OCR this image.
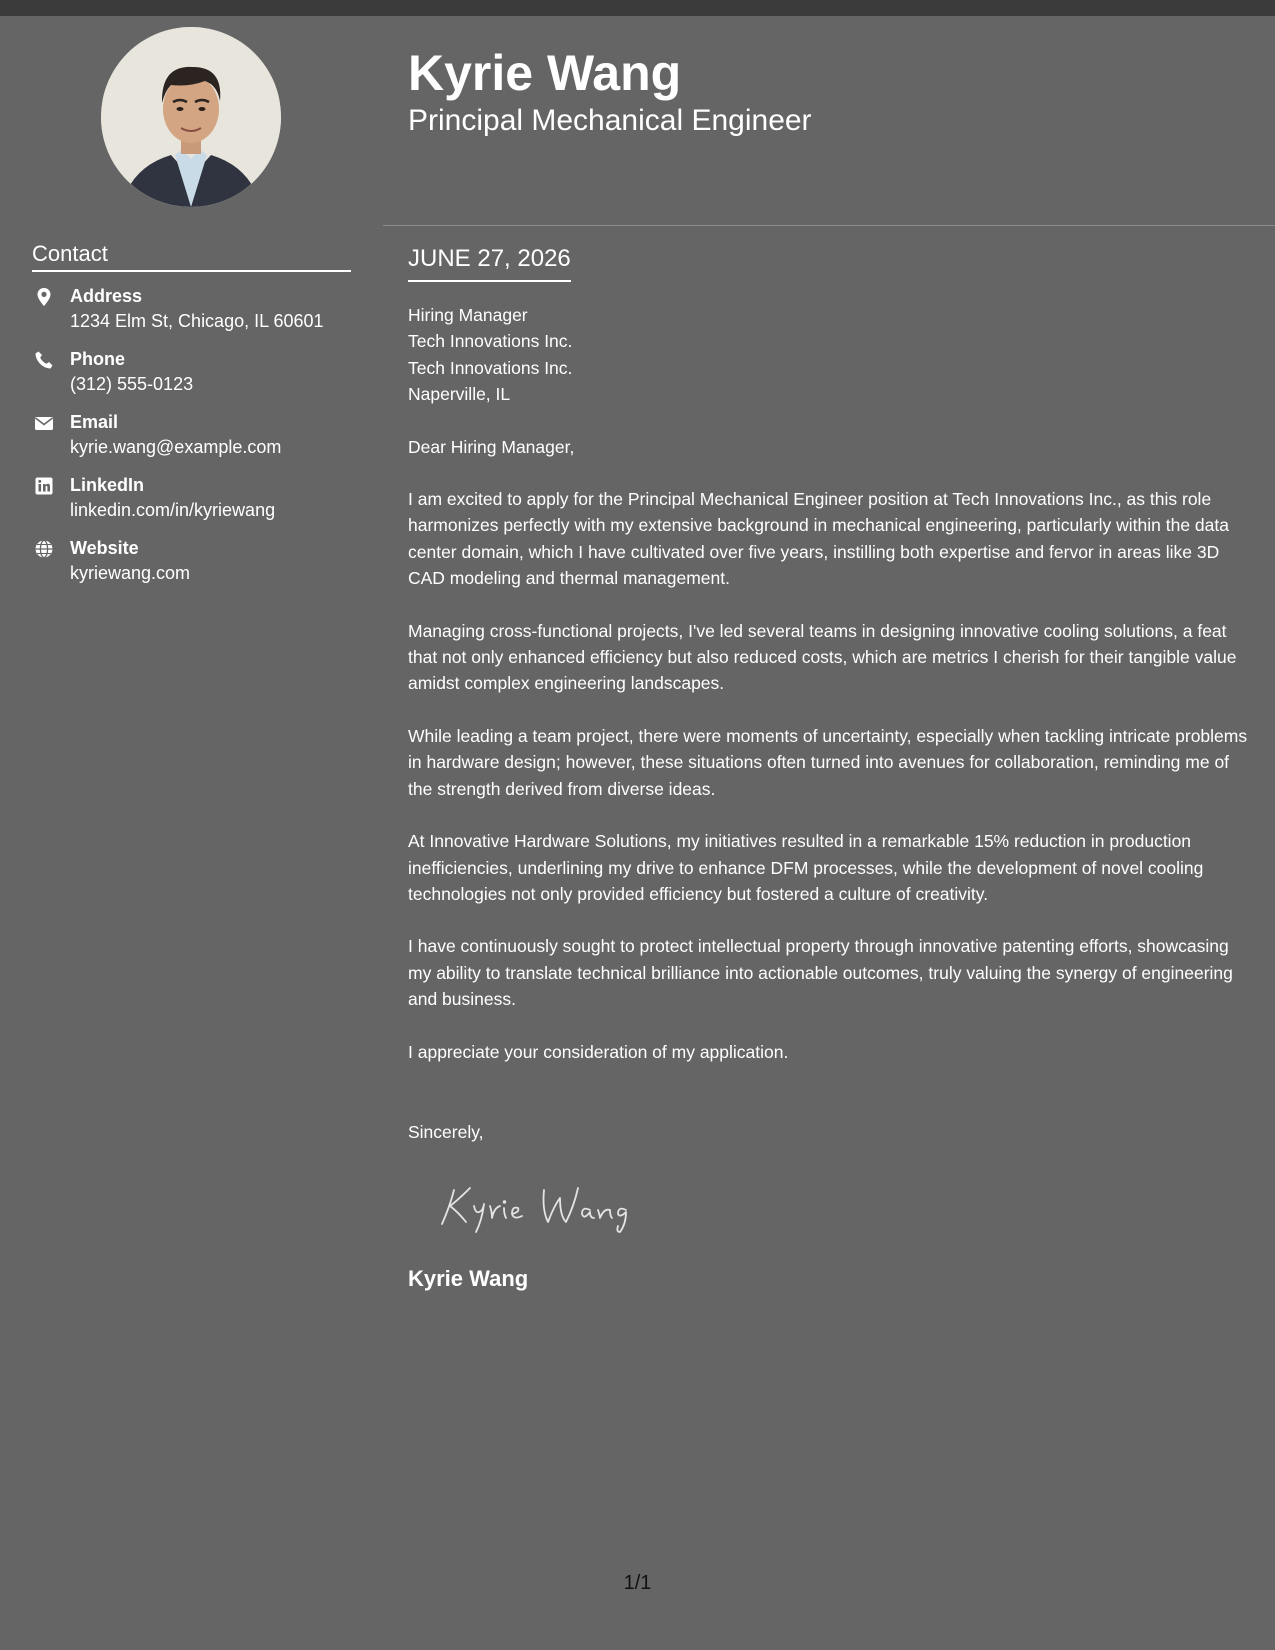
Contact
Address
1234 Elm St, Chicago, IL 60601
Phone
(312) 555-0123
Email
kyrie.wang@example.com
LinkedIn
linkedin.com/in/kyriewang
Website
kyriewang.com
Kyrie Wang
Principal Mechanical Engineer
JUNE 27, 2026
Hiring Manager
Tech Innovations Inc.
Tech Innovations Inc.
Naperville, IL
Dear Hiring Manager,

I am excited to apply for the Principal Mechanical Engineer position at Tech Innovations Inc., as this role harmonizes perfectly with my extensive background in mechanical engineering, particularly within the data center domain, which I have cultivated over five years, instilling both expertise and fervor in areas like 3D CAD modeling and thermal management.

Managing cross-functional projects, I've led several teams in designing innovative cooling solutions, a feat that not only enhanced efficiency but also reduced costs, which are metrics I cherish for their tangible value amidst complex engineering landscapes.

While leading a team project, there were moments of uncertainty, especially when tackling intricate problems in hardware design; however, these situations often turned into avenues for collaboration, reminding me of the strength derived from diverse ideas.

At Innovative Hardware Solutions, my initiatives resulted in a remarkable 15% reduction in production inefficiencies, underlining my drive to enhance DFM processes, while the development of novel cooling technologies not only provided efficiency but fostered a culture of creativity.

I have continuously sought to protect intellectual property through innovative patenting efforts, showcasing my ability to translate technical brilliance into actionable outcomes, truly valuing the synergy of engineering and business.

I appreciate your consideration of my application.

Sincerely,
Kyrie Wang
1/1
